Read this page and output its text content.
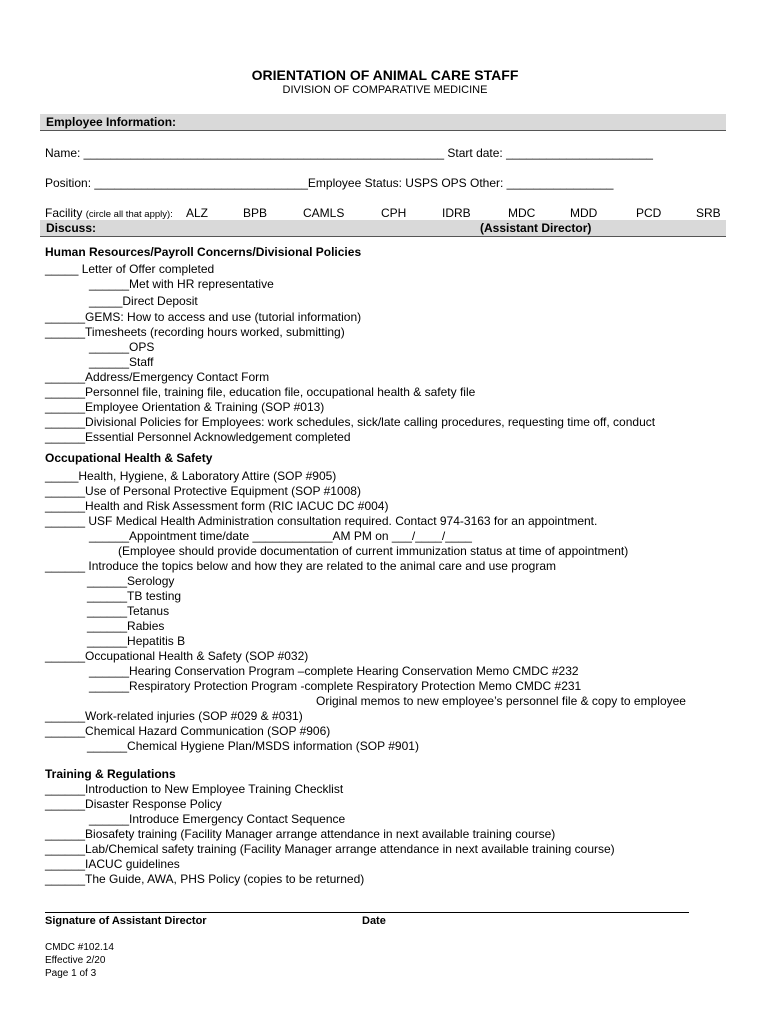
ORIENTATION OF ANIMAL CARE STAFF
DIVISION OF COMPARATIVE MEDICINE
Employee Information:
Name: ______________________________________________________ Start date: ______________________
Position: ________________________________Employee Status: USPS OPS Other: ________________
Facility (circle all that apply): ALZ	BPB	CAMLS	CPH	IDRB	MDC	MDD	PCD	SRB
Discuss:	(Assistant Director)
Human Resources/Payroll Concerns/Divisional Policies
_____ Letter of Offer completed
______Met with HR representative
_____Direct Deposit
______GEMS: How to access and use (tutorial information)
______Timesheets (recording hours worked, submitting)
______OPS
______Staff
______Address/Emergency Contact Form
______Personnel file, training file, education file, occupational health & safety file
______Employee Orientation & Training (SOP #013)
______Divisional Policies for Employees: work schedules, sick/late calling procedures, requesting time off, conduct
______Essential Personnel Acknowledgement completed
Occupational Health & Safety
_____Health, Hygiene, & Laboratory Attire (SOP #905)
______Use of Personal Protective Equipment (SOP #1008)
______Health and Risk Assessment form (RIC IACUC DC #004)
______ USF Medical Health Administration consultation required. Contact 974-3163 for an appointment.
______Appointment time/date ____________AM PM on ___/____/____
(Employee should provide documentation of current immunization status at time of appointment)
______ Introduce the topics below and how they are related to the animal care and use program
______Serology
______TB testing
______Tetanus
______Rabies
______Hepatitis B
______Occupational Health & Safety (SOP #032)
______Hearing Conservation Program –complete Hearing Conservation Memo CMDC #232
______Respiratory Protection Program -complete Respiratory Protection Memo CMDC #231
Original memos to new employee’s personnel file & copy to employee
______Work-related injuries (SOP #029 & #031)
______Chemical Hazard Communication (SOP #906)
______Chemical Hygiene Plan/MSDS information (SOP #901)
Training & Regulations
______Introduction to New Employee Training Checklist
______Disaster Response Policy
______Introduce Emergency Contact Sequence
______Biosafety training (Facility Manager arrange attendance in next available training course)
______Lab/Chemical safety training (Facility Manager arrange attendance in next available training course)
______IACUC guidelines
______The Guide, AWA, PHS Policy (copies to be returned)
Signature of Assistant Director	Date
CMDC #102.14
Effective 2/20
Page 1 of 3
